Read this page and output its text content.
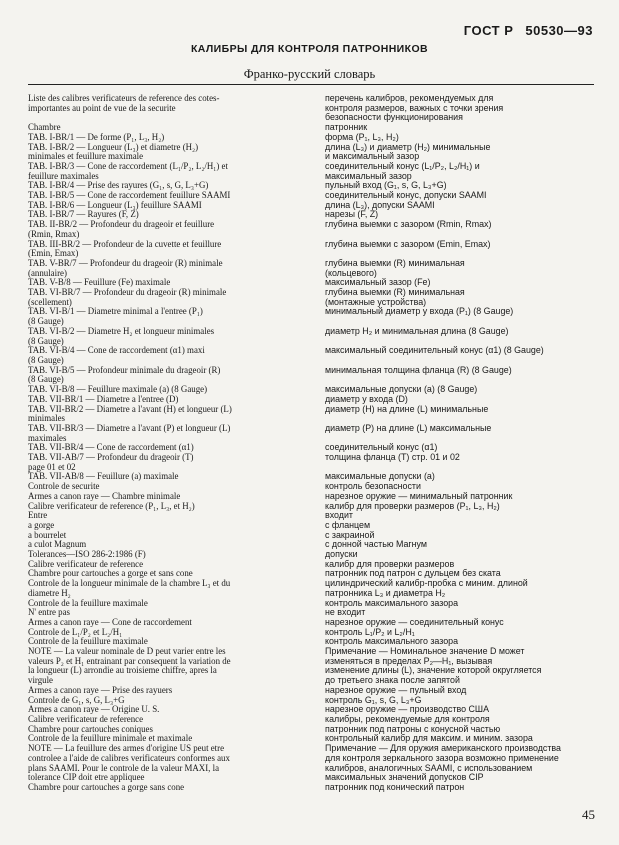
ГОСТ Р 50530—93
КАЛИБРЫ ДЛЯ КОНТРОЛЯ ПАТРОННИКОВ
Франко-русский словарь
Liste des calibres verificateurs de reference des cotes-
importantes au point de vue de la securite

Chambre
TAB. I-BR/1 — De forme (P₁, L₃, H₂)
TAB. I-BR/2 — Longueur (L₃) et diametre (H₂)
minimales et feuillure maximale
TAB. I-BR/3 — Cone de raccordement (L₁/P₂, L₂/H₁) et
feuillure maximales
TAB. I-BR/4 — Prise des rayures (G₁, s, G, L₃+G)
TAB. I-BR/5 — Cone de raccordement feuillure SAAMI
TAB. I-BR/6 — Longueur (L₃) feuillure SAAMI
TAB. I-BR/7 — Rayures (F, Z)
TAB. II-BR/2 — Profondeur du drageoir et feuillure
(Rmin, Rmax)
TAB. III-BR/2 — Profondeur de la cuvette et feuillure
(Emin, Emax)
TAB. V-BR/7 — Profondeur du drageoir (R) minimale
(annulaire)
TAB. V-B/8 — Feuillure (Fe) maximale
TAB. VI-BR/7 — Profondeur du drageoir (R) minimale
(scellement)
TAB. VI-B/1 — Diametre minimal a l'entree (P₁)
(8 Gauge)
TAB. VI-B/2 — Diametre H₂ et longueur minimales
(8 Gauge)
TAB. VI-B/4 — Cone de raccordement (α1) maxi
(8 Gauge)
TAB. VI-B/5 — Profondeur minimale du drageoir (R)
(8 Gauge)
TAB. VI-B/8 — Feuillure maximale (a) (8 Gauge)
TAB. VII-BR/1 — Diametre a l'entree (D)
TAB. VII-BR/2 — Diametre a l'avant (H) et longueur (L)
minimales
TAB. VII-BR/3 — Diametre a l'avant (P) et longueur (L)
maximales
TAB. VII-BR/4 — Cone de raccordement (α1)
TAB. VII-AB/7 — Profondeur du drageoir (T)
page 01 et 02
TAB. VII-AB/8 — Feuillure (a) maximale
Controle de securite
Armes a canon raye — Chambre minimale
Calibre verificateur de reference (P₁, L₃, et H₂)
Entre
a gorge
a bourrelet
a culot Magnum
Tolerances—ISO 286-2:1986 (F)
Calibre verificateur de reference
Chambre pour cartouches a gorge et sans cone
Controle de la longueur minimale de la chambre L₃ et du
diametre H₂
Controle de la feuillure maximale
N' entre pas
Armes a canon raye — Cone de raccordement
Controle de L₁/P₂ et L₂/H₁
Controle de la feuillure maximale
NOTE — La valeur nominale de D peut varier entre les
valeurs P₂ et H₁ entrainant par consequent la variation de
la longueur (L) arrondie au troisieme chiffre, apres la
virgule
Armes a canon raye — Prise des rayuers
Controle de G₁, s, G, L₃+G
Armes a canon raye — Origine U. S.
Calibre verificateur de reference
Chambre pour cartouches coniques
Controle de la feuillure minimale et maximale
NOTE — La feuillure des armes d'origine US peut etre
controlee a l'aide de calibres verificateurs conformes aux
plans SAAMI. Pour le controle de la valeur MAXI, la
tolerance CIP doit etre appliquee
Chambre pour cartouches a gorge sans cone
перечень калибров, рекомендуемых для
контроля размеров, важных с точки зрения
безопасности функционирования
патронник
форма (P₁, L₃, H₂)
длина (L₃) и диаметр (H₂) минимальные
и максимальный зазор
соединительный конус (L₁/P₂, L₂/H₁) и
максимальный зазор
пульный вход (G₁, s, G, L₃+G)
соединительный конус, допуски SAAMI
длина (L₃), допуски SAAMI
нарезы (F, Z)
глубина выемки с зазором (Rmin, Rmax)

глубина выемки с зазором (Emin, Emax)

глубина выемки (R) минимальная
(кольцевого)
максимальный зазор (Fe)
глубина выемки (R) минимальная
(монтажные устройства)
минимальный диаметр у входа (P₁) (8 Gauge)

диаметр H₂ и минимальная длина (8 Gauge)

максимальный соединительный конус (α1) (8 Gauge)

минимальная толщина фланца (R) (8 Gauge)

максимальные допуски (a) (8 Gauge)
диаметр у входа (D)
диаметр (H) на длине (L) минимальные

диаметр (P) на длине (L) максимальные

соединительный конус (α1)
толщина фланца (T) стр. 01 и 02

максимальные допуски (a)
контроль безопасности
нарезное оружие — минимальный патронник
калибр для проверки размеров (P₁, L₃, H₂)
входит
с фланцем
с закраиной
с донной частью Магнум
допуски
калибр для проверки размеров
патронник под патрон с дульцем без ската
цилиндрический калибр-пробка с миним. длиной
патронника L₃ и диаметра H₂
контроль максимального зазора
не входит
нарезное оружие — соединительный конус
контроль L₁/P₂ и L₂/H₁
контроль максимального зазора
Примечание — Номинальное значение D может
изменяться в пределах P₂—H₁, вызывая
изменение длины (L), значение которой округляется
до третьего знака после запятой
нарезное оружие — пульный вход
контроль G₁, s, G, L₃+G
нарезное оружие — производство США
калибры, рекомендуемые для контроля
патронник под патроны с конусной частью
контрольный калибр для максим. и миним. зазора
Примечание — Для оружия американского производства
для контроля зеркального зазора возможно применение
калибров, аналогичных SAAMI, с использованием
максимальных значений допусков CIP
патронник под конический патрон
45
